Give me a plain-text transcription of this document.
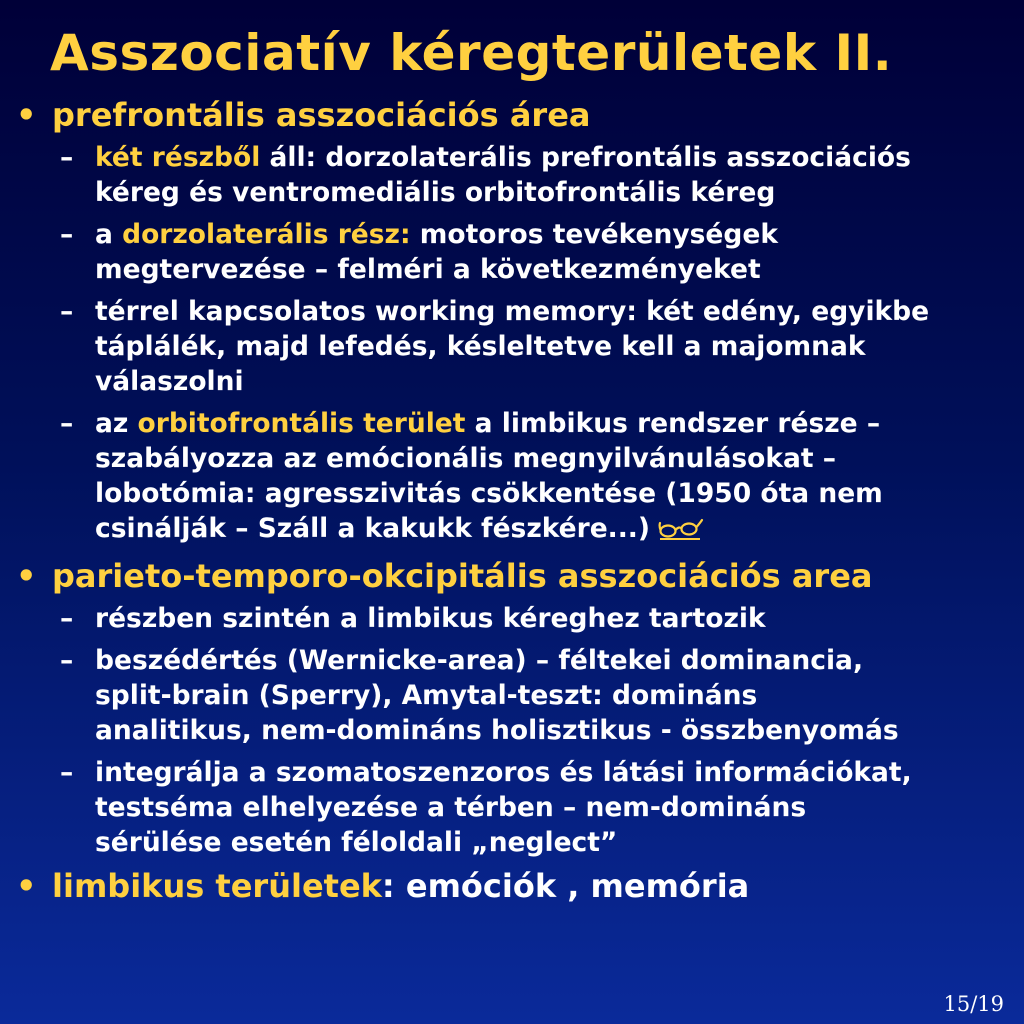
Asszociatív kéregterületek II.
• prefrontális asszociációs área
– két részből áll: dorzolaterális prefrontális asszociációs
kéreg és ventromediális orbitofrontális kéreg
– a dorzolaterális rész: motoros tevékenységek
megtervezése – felméri a következményeket
– térrel kapcsolatos working memory: két edény, egyikbe
táplálék, majd lefedés, késleltetve kell a majomnak
válaszolni
– az orbitofrontális terület a limbikus rendszer része –
szabályozza az emócionális megnyilvánulásokat –
lobotómia: agresszivitás csökkentése (1950 óta nem
csinálják – Száll a kakukk fészkére...)
• parieto-temporo-okcipitális asszociációs area
– részben szintén a limbikus kéreghez tartozik
– beszédértés (Wernicke-area) – féltekei dominancia,
split-brain (Sperry), Amytal-teszt: domináns
analitikus, nem-domináns holisztikus - összbenyomás
– integrálja a szomatoszenzoros és látási információkat,
testséma elhelyezése a térben – nem-domináns
sérülése esetén féloldali „neglect”
• limbikus területek: emóciók , memória
15/19
